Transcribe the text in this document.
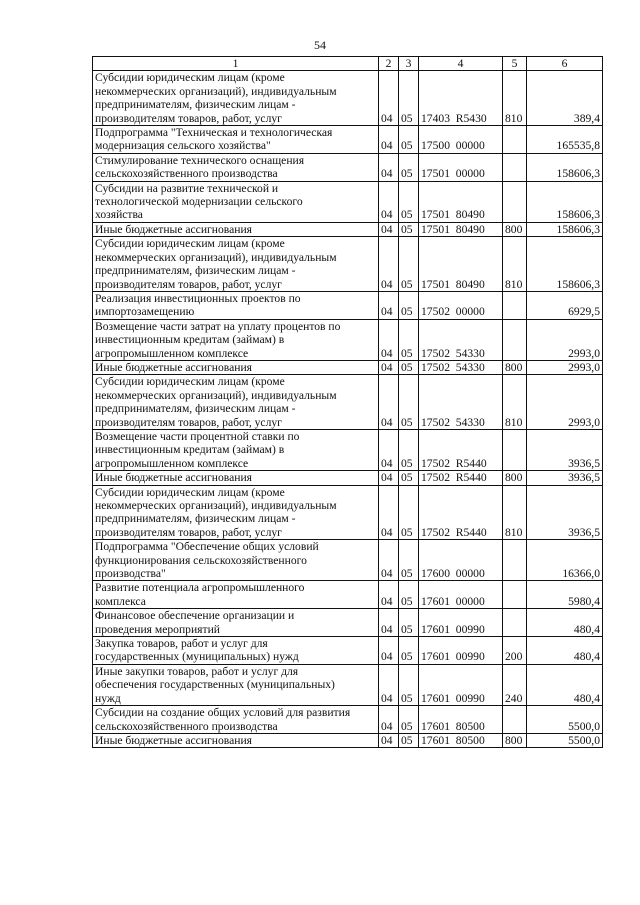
54
1	2	3	4	5	6
Субсидии юридическим лицам (кроме
некоммерческих организаций), индивидуальным
предпринимателям, физическим лицам -
производителям товаров, работ, услуг	04	05	17403  R5430	810	389,4
Подпрограмма "Техническая и технологическая
модернизация сельского хозяйства"	04	05	17500  00000		165535,8
Стимулирование технического оснащения
сельскохозяйственного производства	04	05	17501  00000		158606,3
Субсидии на развитие технической и
технологической модернизации сельского
хозяйства	04	05	17501  80490		158606,3
Иные бюджетные ассигнования	04	05	17501  80490	800	158606,3
Субсидии юридическим лицам (кроме
некоммерческих организаций), индивидуальным
предпринимателям, физическим лицам -
производителям товаров, работ, услуг	04	05	17501  80490	810	158606,3
Реализация инвестиционных проектов по
импортозамещению	04	05	17502  00000		6929,5
Возмещение части затрат на уплату процентов по
инвестиционным кредитам (займам) в
агропромышленном комплексе	04	05	17502  54330		2993,0
Иные бюджетные ассигнования	04	05	17502  54330	800	2993,0
Субсидии юридическим лицам (кроме
некоммерческих организаций), индивидуальным
предпринимателям, физическим лицам -
производителям товаров, работ, услуг	04	05	17502  54330	810	2993,0
Возмещение части процентной ставки по
инвестиционным кредитам (займам) в
агропромышленном комплексе	04	05	17502  R5440		3936,5
Иные бюджетные ассигнования	04	05	17502  R5440	800	3936,5
Субсидии юридическим лицам (кроме
некоммерческих организаций), индивидуальным
предпринимателям, физическим лицам -
производителям товаров, работ, услуг	04	05	17502  R5440	810	3936,5
Подпрограмма "Обеспечение общих условий
функционирования сельскохозяйственного
производства"	04	05	17600  00000		16366,0
Развитие потенциала агропромышленного
комплекса	04	05	17601  00000		5980,4
Финансовое обеспечение организации и
проведения мероприятий	04	05	17601  00990		480,4
Закупка товаров, работ и услуг для
государственных (муниципальных) нужд	04	05	17601  00990	200	480,4
Иные закупки товаров, работ и услуг для
обеспечения государственных (муниципальных)
нужд	04	05	17601  00990	240	480,4
Субсидии на создание общих условий для развития
сельскохозяйственного производства	04	05	17601  80500		5500,0
Иные бюджетные ассигнования	04	05	17601  80500	800	5500,0
